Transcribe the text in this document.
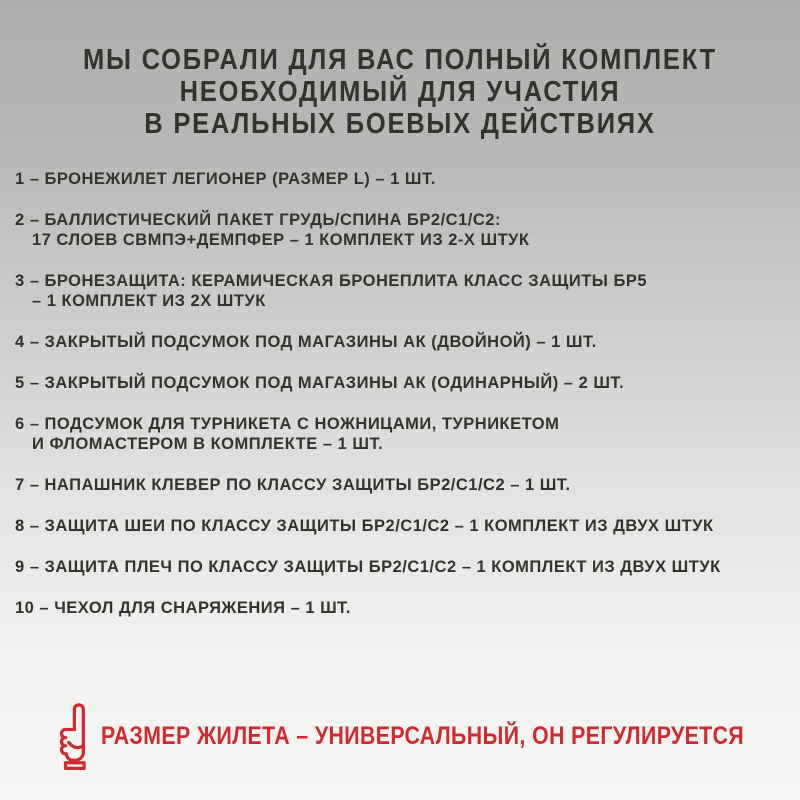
МЫ СОБРАЛИ ДЛЯ ВАС ПОЛНЫЙ КОМПЛЕКТ
НЕОБХОДИМЫЙ ДЛЯ УЧАСТИЯ
В РЕАЛЬНЫХ БОЕВЫХ ДЕЙСТВИЯХ
1 – БРОНЕЖИЛЕТ ЛЕГИОНЕР (РАЗМЕР L) – 1 ШТ.
2 – БАЛЛИСТИЧЕСКИЙ ПАКЕТ ГРУДЬ/СПИНА БР2/С1/С2:
17 СЛОЕВ СВМПЭ+ДЕМПФЕР – 1 КОМПЛЕКТ ИЗ 2-Х ШТУК
3 – БРОНЕЗАЩИТА: КЕРАМИЧЕСКАЯ БРОНЕПЛИТА КЛАСС ЗАЩИТЫ БР5
– 1 КОМПЛЕКТ ИЗ 2Х ШТУК
4 – ЗАКРЫТЫЙ ПОДСУМОК ПОД МАГАЗИНЫ АК (ДВОЙНОЙ) – 1 ШТ.
5 – ЗАКРЫТЫЙ ПОДСУМОК ПОД МАГАЗИНЫ АК (ОДИНАРНЫЙ) – 2 ШТ.
6 – ПОДСУМОК ДЛЯ ТУРНИКЕТА С НОЖНИЦАМИ, ТУРНИКЕТОМ
И ФЛОМАСТЕРОМ В КОМПЛЕКТЕ – 1 ШТ.
7 – НАПАШНИК КЛЕВЕР ПО КЛАССУ ЗАЩИТЫ БР2/С1/С2 – 1 ШТ.
8 – ЗАЩИТА ШЕИ ПО КЛАССУ ЗАЩИТЫ БР2/С1/С2 – 1 КОМПЛЕКТ ИЗ ДВУХ ШТУК
9 – ЗАЩИТА ПЛЕЧ ПО КЛАССУ ЗАЩИТЫ БР2/С1/С2 – 1 КОМПЛЕКТ ИЗ ДВУХ ШТУК
10 – ЧЕХОЛ ДЛЯ СНАРЯЖЕНИЯ – 1 ШТ.
РАЗМЕР ЖИЛЕТА – УНИВЕРСАЛЬНЫЙ, ОН РЕГУЛИРУЕТСЯ
